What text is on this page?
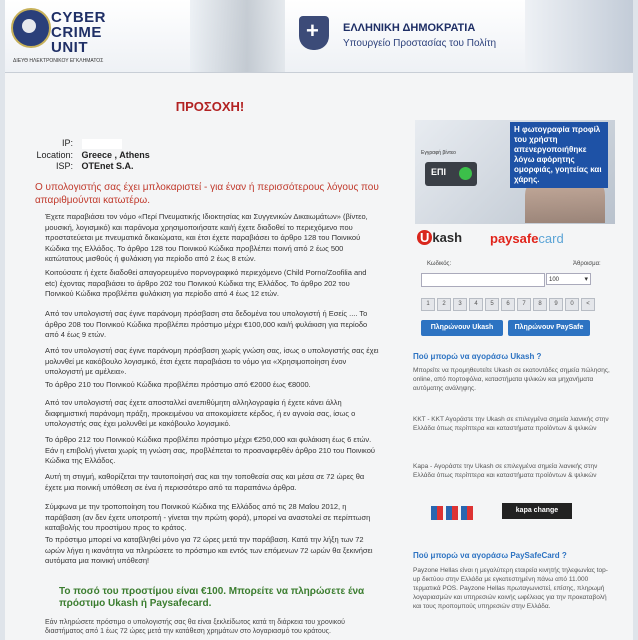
CYBER CRIME UNIT
ΔΙΕΥΘ ΗΛΕΚΤΡΟΝΙΚΟΥ ΕΓΚΛΗΜΑΤΟΣ
+
ΕΛΛΗΝΙΚΗ ΔΗΜΟΚΡΑΤΙΑ
Υπουργείο Προστασίας του Πολίτη
ΠΡΟΣΟΧΗ!
IP:
Location: Greece , Athens
ISP: OTEnet S.A.
Ο υπολογιστής σας έχει μπλοκαριστεί - για έναν ή περισσότερους λόγους που απαριθμούνται κατωτέρω.
Έχετε παραβιάσει τον νόμο «Περί Πνευματικής Ιδιοκτησίας και Συγγενικών Δικαιωμάτων» (βίντεο, μουσική, λογισμικό) και παράνομα χρησιμοποιήσατε και/ή έχετε διαδοθεί το περιεχόμενο που προστατεύεται με πνευματικά δικαιώματα, και έτσι έχετε παραβιάσει το άρθρο 128 του Ποινικού Κώδικα της Ελλάδος. Το άρθρο 128 του Ποινικού Κώδικα προβλέπει ποινή από 2 έως 500 κατώτατους μισθούς ή φυλάκιση για περίοδο από 2 έως 8 ετών.
Κοιτούσατε ή έχετε διαδοθεί απαγορευμένο πορνογραφικό περιεχόμενο (Child Porno/Zoofilia and etc) έχοντας παραβιάσει το άρθρο 202 του Ποινικού Κώδικα της Ελλάδος. Το άρθρο 202 του Ποινικού Κώδικα προβλέπει φυλάκιση για περίοδο από 4 έως 12 ετών.
Από τον υπολογιστή σας έγινε παράνομη πρόσβαση στα δεδομένα του υπολογιστή ή Εσείς .... Το άρθρο 208 του Ποινικού Κώδικα προβλέπει πρόστιμο μέχρι €100,000 και/ή φυλάκιση για περίοδο από 4 έως 9 ετών.
Από τον υπολογιστή σας έγινε παράνομη πρόσβαση χωρίς γνώση σας, ίσως ο υπολογιστής σας έχει μολυνθεί με κακόβουλο λογισμικό, έτσι έχετε παραβιάσει το νόμο για «Χρησιμοποίηση ένον υπολογιστή με αμέλεια».
Το άρθρο 210 του Ποινικού Κώδικα προβλέπει πρόστιμο από €2000 έως €8000.
Από τον υπολογιστή σας έχετε αποσταλλεί ανεπιθύμητη αλληλογραφία ή έχετε κάνει άλλη διαφημιστική παράνομη πράξη, προκειμένου να αποκομίσετε κέρδος, ή εν αγνοία σας, ίσως ο υπολογιστής σας έχει μολυνθεί με κακόβουλο λογισμικό.
Το άρθρο 212 του Ποινικού Κώδικα προβλέπει πρόστιμο μέχρι €250,000 και φυλάκιση έως 6 ετών. Εάν η επιβολή γίνεται χωρίς τη γνώση σας, προβλέπεται το προαναφερθέν άρθρο 210 του Ποινικού Κώδικα της Ελλάδος.
Αυτή τη στιγμή, καθορίζεται την ταυτοποίησή σας και την τοποθεσία σας και μέσα σε 72 ώρες θα έχετε μια ποινική υπόθεση σε ένα ή περισσότερο από τα παραπάνω άρθρα.
Σύμφωνα με την τροποποίηση του Ποινικού Κώδικα της Ελλάδος από τις 28 Μαΐου 2012, η παράβαση (αν δεν έχετε υποτροπή - γίνεται την πρώτη φορά), μπορεί να αναστολεί σε περίπτωση καταβολής του προστίμου προς το κράτος.
Το πρόστιμο μπορεί να καταβληθεί μόνο για 72 ώρες μετά την παράβαση. Κατά την λήξη των 72 ωρών λήγει η ικανότητα να πληρώσετε το πρόστιμο και εντός των επόμενων 72 ωρών θα ξεκινήσει αυτόματα μια ποινική υπόθεση!
Το ποσό του προστίμου είναι €100. Μπορείτε να πληρώσετε ένα πρόστιμο Ukash ή Paysafecard.
Εάν πληρώσετε πρόστιμο ο υπολογιστής σας θα είναι ξεκλείδωτος κατά τη διάρκεια του χρονικού διαστήματος από 1 έως 72 ώρες μετά την κατάθεση χρημάτων στο λογαριασμό του κράτους.
Εγγραφή βίντεο
ΕΠΙ
Η φωτογραφία προφίλ του χρήστη απενεργοποιήθηκε λόγω αφόρητης ομορφιάς, γοητείας και χάρης.
U kash paysafecard
Κωδικός:	Άθροισμα:
100 ▾
1 2 3 4 5 6 7 8 9 0 <
Πληρώνουν Ukash	Πληρώνουν PaySafe
Πού μπορώ να αγοράσω Ukash ?
Μπορείτε να προμηθευτείτε Ukash σε εκατοντάδες σημεία πώλησης, online, από πορτοφόλια, καταστήματα ψιλικών και μηχανήματα αυτόματης ανάληψης.
ΚΚΤ - ΚΚΤ Αγοράστε την Ukash σε επιλεγμένα σημεία λιανικής στην Ελλάδα όπως περίπτερα και καταστήματα προϊόντων & ψιλικών
Kapa - Αγοράστε την Ukash σε επιλεγμένα σημεία λιανικής στην Ελλάδα όπως περίπτερα και καταστήματα προϊόντων & ψιλικών
kapa change
Πού μπορώ να αγοράσω PaySafeCard ?
Payzone Hellas είναι η μεγαλύτερη εταιρεία κινητής τηλεφωνίας top-up δικτύου στην Ελλάδα με εγκατεστημένη πάνω από 11.000 τερματικά POS. Payzone Hellas πρωταγωνιστεί, επίσης, πληρωμή λογαριασμών και υπηρεσιών κοινής ωφέλειας για την προκαταβολή και τους προπομπούς υπηρεσιών στην Ελλάδα.
